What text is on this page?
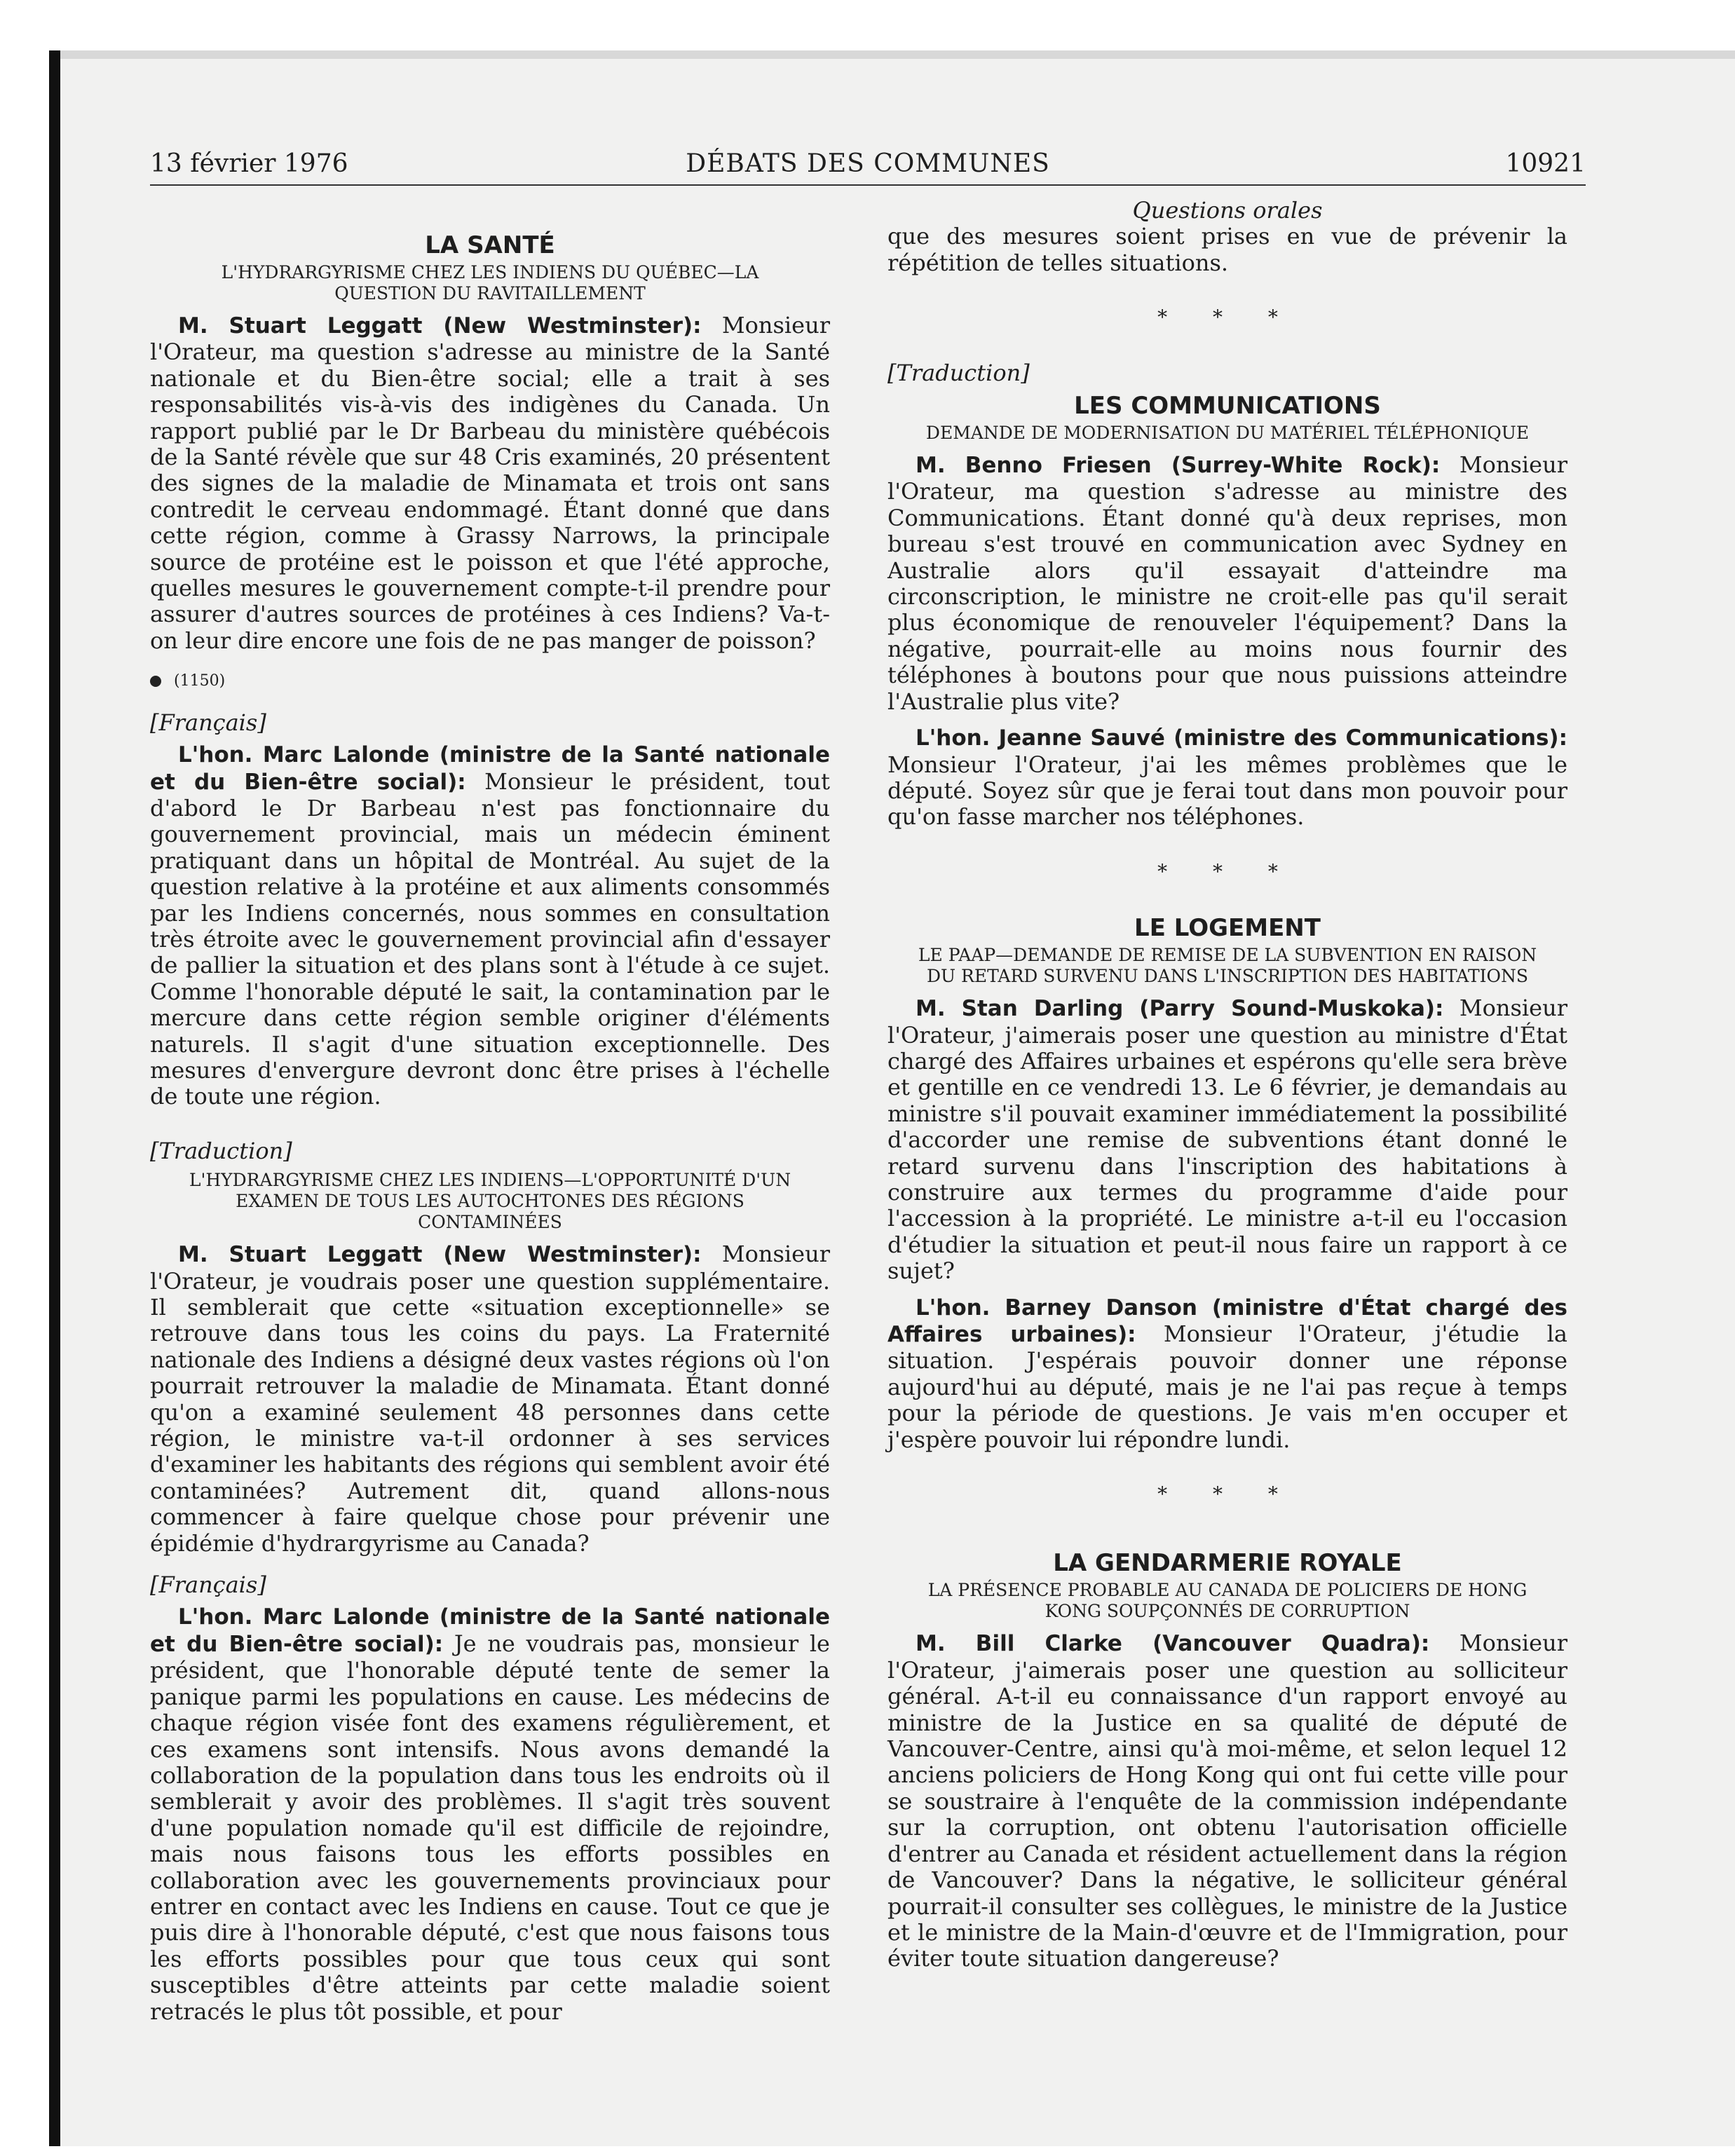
13 février 1976	DÉBATS DES COMMUNES	10921
LA SANTÉ
L'HYDRARGYRISME CHEZ LES INDIENS DU QUÉBEC—LA QUESTION DU RAVITAILLEMENT

M. Stuart Leggatt (New Westminster): Monsieur l'Orateur, ma question s'adresse au ministre de la Santé nationale et du Bien-être social; elle a trait à ses responsabilités vis-à-vis des indigènes du Canada. Un rapport publié par le Dr Barbeau du ministère québécois de la Santé révèle que sur 48 Cris examinés, 20 présentent des signes de la maladie de Minamata et trois ont sans contredit le cerveau endommagé. Étant donné que dans cette région, comme à Grassy Narrows, la principale source de protéine est le poisson et que l'été approche, quelles mesures le gouvernement compte-t-il prendre pour assurer d'autres sources de protéines à ces Indiens? Va-t-on leur dire encore une fois de ne pas manger de poisson?

(1150)
[Français]

L'hon. Marc Lalonde (ministre de la Santé nationale et du Bien-être social): Monsieur le président, tout d'abord le Dr Barbeau n'est pas fonctionnaire du gouvernement provincial, mais un médecin éminent pratiquant dans un hôpital de Montréal. Au sujet de la question relative à la protéine et aux aliments consommés par les Indiens concernés, nous sommes en consultation très étroite avec le gouvernement provincial afin d'essayer de pallier la situation et des plans sont à l'étude à ce sujet. Comme l'honorable député le sait, la contamination par le mercure dans cette région semble originer d'éléments naturels. Il s'agit d'une situation exceptionnelle. Des mesures d'envergure devront donc être prises à l'échelle de toute une région.

[Traduction]
L'HYDRARGYRISME CHEZ LES INDIENS—L'OPPORTUNITÉ D'UN EXAMEN DE TOUS LES AUTOCHTONES DES RÉGIONS CONTAMINÉES

M. Stuart Leggatt (New Westminster): Monsieur l'Orateur, je voudrais poser une question supplémentaire. Il semblerait que cette «situation exceptionnelle» se retrouve dans tous les coins du pays. La Fraternité nationale des Indiens a désigné deux vastes régions où l'on pourrait retrouver la maladie de Minamata. Étant donné qu'on a examiné seulement 48 personnes dans cette région, le ministre va-t-il ordonner à ses services d'examiner les habitants des régions qui semblent avoir été contaminées? Autrement dit, quand allons-nous commencer à faire quelque chose pour prévenir une épidémie d'hydrargyrisme au Canada?

[Français]

L'hon. Marc Lalonde (ministre de la Santé nationale et du Bien-être social): Je ne voudrais pas, monsieur le président, que l'honorable député tente de semer la panique parmi les populations en cause. Les médecins de chaque région visée font des examens régulièrement, et ces examens sont intensifs. Nous avons demandé la collaboration de la population dans tous les endroits où il semblerait y avoir des problèmes. Il s'agit très souvent d'une population nomade qu'il est difficile de rejoindre, mais nous faisons tous les efforts possibles en collaboration avec les gouvernements provinciaux pour entrer en contact avec les Indiens en cause. Tout ce que je puis dire à l'honorable député, c'est que nous faisons tous les efforts possibles pour que tous ceux qui sont susceptibles d'être atteints par cette maladie soient retracés le plus tôt possible, et pour

Questions orales

que des mesures soient prises en vue de prévenir la répétition de telles situations.

* * *
[Traduction]
LES COMMUNICATIONS
DEMANDE DE MODERNISATION DU MATÉRIEL TÉLÉPHONIQUE

M. Benno Friesen (Surrey-White Rock): Monsieur l'Orateur, ma question s'adresse au ministre des Communications. Étant donné qu'à deux reprises, mon bureau s'est trouvé en communication avec Sydney en Australie alors qu'il essayait d'atteindre ma circonscription, le ministre ne croit-elle pas qu'il serait plus économique de renouveler l'équipement? Dans la négative, pourrait-elle au moins nous fournir des téléphones à boutons pour que nous puissions atteindre l'Australie plus vite?

L'hon. Jeanne Sauvé (ministre des Communications): Monsieur l'Orateur, j'ai les mêmes problèmes que le député. Soyez sûr que je ferai tout dans mon pouvoir pour qu'on fasse marcher nos téléphones.

* * *
LE LOGEMENT
LE PAAP—DEMANDE DE REMISE DE LA SUBVENTION EN RAISON DU RETARD SURVENU DANS L'INSCRIPTION DES HABITATIONS

M. Stan Darling (Parry Sound-Muskoka): Monsieur l'Orateur, j'aimerais poser une question au ministre d'État chargé des Affaires urbaines et espérons qu'elle sera brève et gentille en ce vendredi 13. Le 6 février, je demandais au ministre s'il pouvait examiner immédiatement la possibilité d'accorder une remise de subventions étant donné le retard survenu dans l'inscription des habitations à construire aux termes du programme d'aide pour l'accession à la propriété. Le ministre a-t-il eu l'occasion d'étudier la situation et peut-il nous faire un rapport à ce sujet?

L'hon. Barney Danson (ministre d'État chargé des Affaires urbaines): Monsieur l'Orateur, j'étudie la situation. J'espérais pouvoir donner une réponse aujourd'hui au député, mais je ne l'ai pas reçue à temps pour la période de questions. Je vais m'en occuper et j'espère pouvoir lui répondre lundi.

* * *
LA GENDARMERIE ROYALE
LA PRÉSENCE PROBABLE AU CANADA DE POLICIERS DE HONG KONG SOUPÇONNÉS DE CORRUPTION

M. Bill Clarke (Vancouver Quadra): Monsieur l'Orateur, j'aimerais poser une question au solliciteur général. A-t-il eu connaissance d'un rapport envoyé au ministre de la Justice en sa qualité de député de Vancouver-Centre, ainsi qu'à moi-même, et selon lequel 12 anciens policiers de Hong Kong qui ont fui cette ville pour se soustraire à l'enquête de la commission indépendante sur la corruption, ont obtenu l'autorisation officielle d'entrer au Canada et résident actuellement dans la région de Vancouver? Dans la négative, le solliciteur général pourrait-il consulter ses collègues, le ministre de la Justice et le ministre de la Main-d'œuvre et de l'Immigration, pour éviter toute situation dangereuse?
